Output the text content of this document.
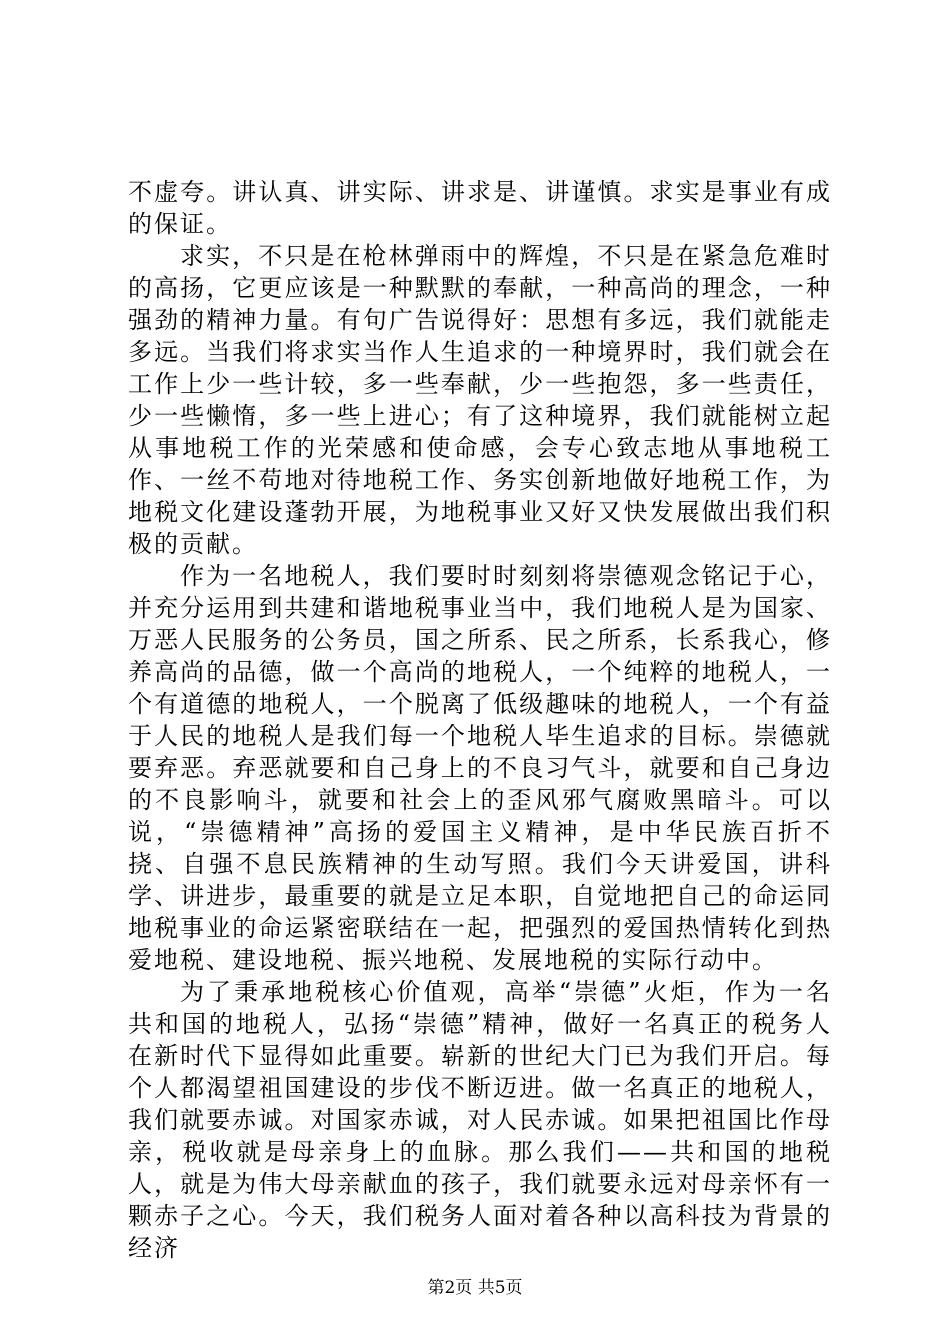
不虚夸。讲认真、讲实际、讲求是、讲谨慎。求实是事业有成的保证。

求实，不只是在枪林弹雨中的辉煌，不只是在紧急危难时的高扬，它更应该是一种默默的奉献，一种高尚的理念，一种强劲的精神力量。有句广告说得好：思想有多远，我们就能走多远。当我们将求实当作人生追求的一种境界时，我们就会在工作上少一些计较，多一些奉献，少一些抱怨，多一些责任，少一些懒惰，多一些上进心；有了这种境界，我们就能树立起从事地税工作的光荣感和使命感，会专心致志地从事地税工作、一丝不苟地对待地税工作、务实创新地做好地税工作，为地税文化建设蓬勃开展，为地税事业又好又快发展做出我们积极的贡献。

作为一名地税人，我们要时时刻刻将崇德观念铭记于心，并充分运用到共建和谐地税事业当中，我们地税人是为国家、万恶人民服务的公务员，国之所系、民之所系，长系我心，修养高尚的品德，做一个高尚的地税人，一个纯粹的地税人，一个有道德的地税人，一个脱离了低级趣味的地税人，一个有益于人民的地税人是我们每一个地税人毕生追求的目标。崇德就要弃恶。弃恶就要和自己身上的不良习气斗，就要和自己身边的不良影响斗，就要和社会上的歪风邪气腐败黑暗斗。可以说，“崇德精神”高扬的爱国主义精神，是中华民族百折不挠、自强不息民族精神的生动写照。我们今天讲爱国，讲科学、讲进步，最重要的就是立足本职，自觉地把自己的命运同地税事业的命运紧密联结在一起，把强烈的爱国热情转化到热爱地税、建设地税、振兴地税、发展地税的实际行动中。

为了秉承地税核心价值观，高举“崇德”火炬，作为一名共和国的地税人，弘扬“崇德”精神，做好一名真正的税务人在新时代下显得如此重要。崭新的世纪大门已为我们开启。每个人都渴望祖国建设的步伐不断迈进。做一名真正的地税人，我们就要赤诚。对国家赤诚，对人民赤诚。如果把祖国比作母亲，税收就是母亲身上的血脉。那么我们——共和国的地税人，就是为伟大母亲献血的孩子，我们就要永远对母亲怀有一颗赤子之心。今天，我们税务人面对着各种以高科技为背景的经济

第2页 共5页
